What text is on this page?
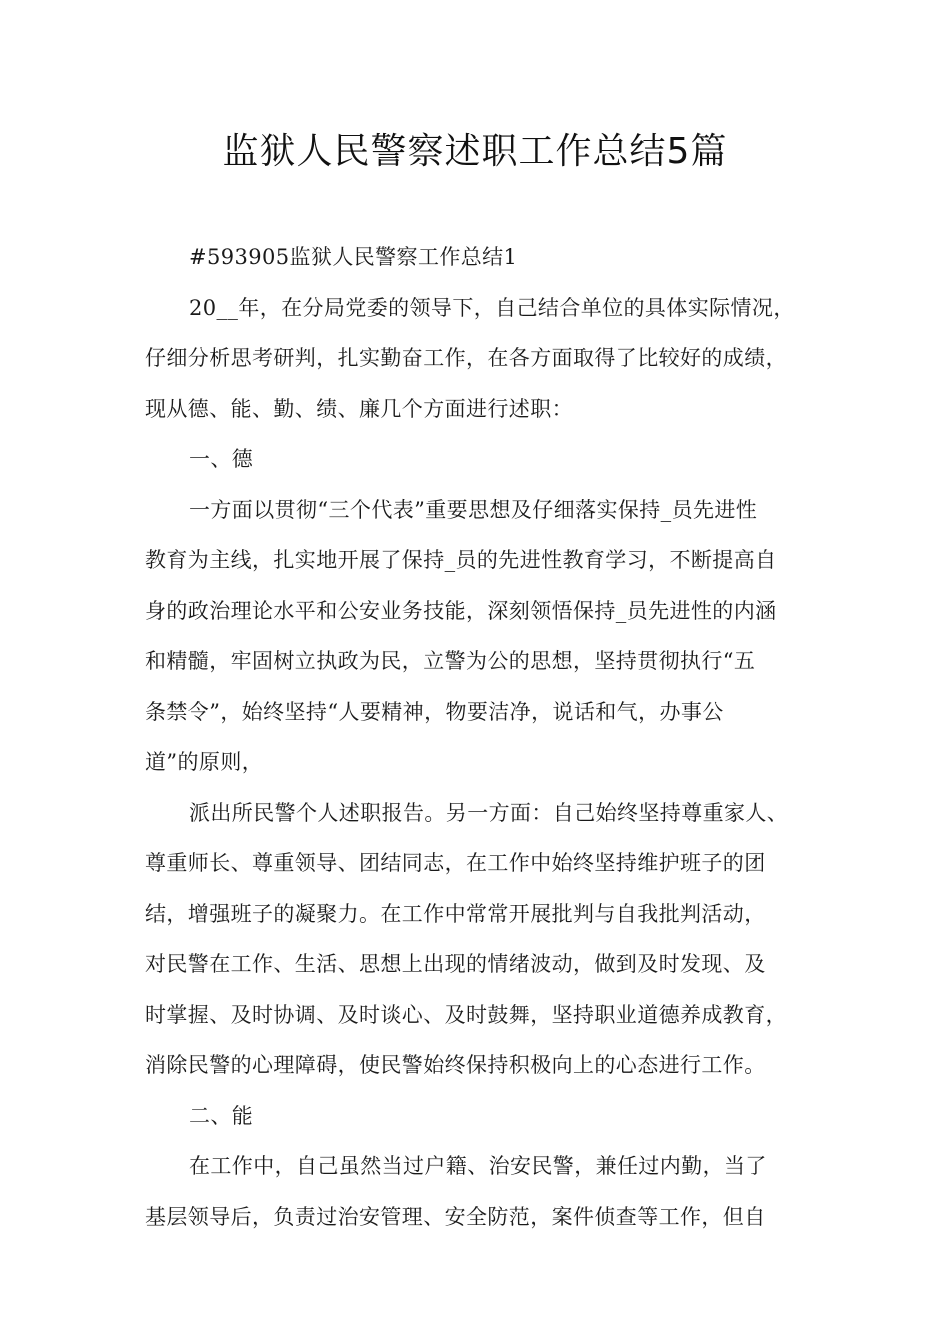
监狱人民警察述职工作总结5篇

#593905监狱人民警察工作总结1

20__年，在分局党委的领导下，自己结合单位的具体实际情况，
仔细分析思考研判，扎实勤奋工作，在各方面取得了比较好的成绩，
现从德、能、勤、绩、廉几个方面进行述职：

一、德

一方面以贯彻“三个代表”重要思想及仔细落实保持_员先进性
教育为主线，扎实地开展了保持_员的先进性教育学习，不断提高自
身的政治理论水平和公安业务技能，深刻领悟保持_员先进性的内涵
和精髓，牢固树立执政为民，立警为公的思想，坚持贯彻执行“五
条禁令”，始终坚持“人要精神，物要洁净，说话和气，办事公
道”的原则，

派出所民警个人述职报告。另一方面：自己始终坚持尊重家人、
尊重师长、尊重领导、团结同志，在工作中始终坚持维护班子的团
结，增强班子的凝聚力。在工作中常常开展批判与自我批判活动，
对民警在工作、生活、思想上出现的情绪波动，做到及时发现、及
时掌握、及时协调、及时谈心、及时鼓舞，坚持职业道德养成教育，
消除民警的心理障碍，使民警始终保持积极向上的心态进行工作。

二、能

在工作中，自己虽然当过户籍、治安民警，兼任过内勤，当了
基层领导后，负责过治安管理、安全防范，案件侦查等工作，但自
